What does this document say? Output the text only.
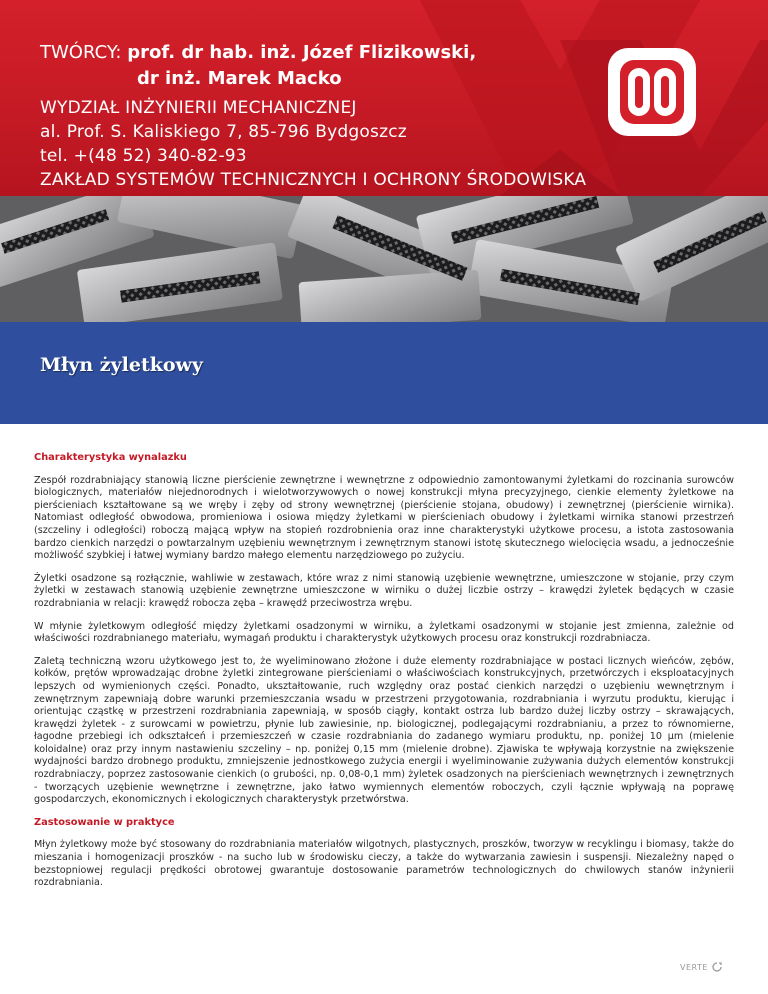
TWÓRCY: prof. dr hab. inż. Józef Flizikowski,
dr inż. Marek Macko
WYDZIAŁ INŻYNIERII MECHANICZNEJ
al. Prof. S. Kaliskiego 7, 85-796 Bydgoszcz
tel. +(48 52) 340-82-93
ZAKŁAD SYSTEMÓW TECHNICZNYCH I OCHRONY ŚRODOWISKA
Młyn żyletkowy
Charakterystyka wynalazku

Zespół rozdrabniający stanowią liczne pierścienie zewnętrzne i wewnętrzne z odpowiednio zamontowanymi żyletkami do rozcinania surowców biologicznych, materiałów niejednorodnych i wielotworzywowych o nowej konstrukcji młyna precyzyjnego, cienkie elementy żyletkowe na pierścieniach kształtowane są we wręby i zęby od strony wewnętrznej (pierścienie stojana, obudowy) i zewnętrznej (pierścienie wirnika). Natomiast odległość obwodowa, promieniowa i osiowa między żyletkami w pierścieniach obudowy i żyletkami wirnika stanowi przestrzeń (szczeliny i odległości) roboczą mającą wpływ na stopień rozdrobnienia oraz inne charakterystyki użytkowe procesu, a istota zastosowania bardzo cienkich narzędzi o powtarzalnym uzębieniu wewnętrznym i zewnętrznym stanowi istotę skutecznego wielocięcia wsadu, a jednocześnie możliwość szybkiej i łatwej wymiany bardzo małego elementu narzędziowego po zużyciu.

Żyletki osadzone są rozłącznie, wahliwie w zestawach, które wraz z nimi stanowią uzębienie wewnętrzne, umieszczone w stojanie, przy czym żyletki w zestawach stanowią uzębienie zewnętrzne umieszczone w wirniku o dużej liczbie ostrzy – krawędzi żyletek będących w czasie rozdrabniania w relacji: krawędź robocza zęba – krawędź przeciwostrza wrębu.

W młynie żyletkowym odległość między żyletkami osadzonymi w wirniku, a żyletkami osadzonymi w stojanie jest zmienna, zależnie od właściwości rozdrabnianego materiału, wymagań produktu i charakterystyk użytkowych procesu oraz konstrukcji rozdrabniacza.

Zaletą techniczną wzoru użytkowego jest to, że wyeliminowano złożone i duże elementy rozdrabniające w postaci licznych wieńców, zębów, kołków, prętów wprowadzając drobne żyletki zintegrowane pierścieniami o właściwościach konstrukcyjnych, przetwórczych i eksploatacyjnych lepszych od wymienionych części. Ponadto, ukształtowanie, ruch względny oraz postać cienkich narzędzi o uzębieniu wewnętrznym i zewnętrznym zapewniają dobre warunki przemieszczania wsadu w przestrzeni przygotowania, rozdrabniania i wyrzutu produktu, kierując i orientując cząstkę w przestrzeni rozdrabniania zapewniają, w sposób ciągły, kontakt ostrza lub bardzo dużej liczby ostrzy – skrawających, krawędzi żyletek - z surowcami w powietrzu, płynie lub zawiesinie, np. biologicznej, podlegającymi rozdrabnianiu, a przez to równomierne, łagodne przebiegi ich odkształceń i przemieszczeń w czasie rozdrabniania do zadanego wymiaru produktu, np. poniżej 10 μm (mielenie koloidalne) oraz przy innym nastawieniu szczeliny – np. poniżej 0,15 mm (mielenie drobne). Zjawiska te wpływają korzystnie na zwiększenie wydajności bardzo drobnego produktu, zmniejszenie jednostkowego zużycia energii i wyeliminowanie zużywania dużych elementów konstrukcji rozdrabniaczy, poprzez zastosowanie cienkich (o grubości, np. 0,08-0,1 mm) żyletek osadzonych na pierścieniach wewnętrznych i zewnętrznych - tworzących uzębienie wewnętrzne i zewnętrzne, jako łatwo wymiennych elementów roboczych, czyli łącznie wpływają na poprawę gospodarczych, ekonomicznych i ekologicznych charakterystyk przetwórstwa.

Zastosowanie w praktyce

Młyn żyletkowy może być stosowany do rozdrabniania materiałów wilgotnych, plastycznych, proszków, tworzyw w recyklingu i biomasy, także do mieszania i homogenizacji proszków - na sucho lub w środowisku cieczy, a także do wytwarzania zawiesin i suspensji. Niezależny napęd o bezstopniowej regulacji prędkości obrotowej gwarantuje dostosowanie parametrów technologicznych do chwilowych stanów inżynierii rozdrabniania.

VERTE
